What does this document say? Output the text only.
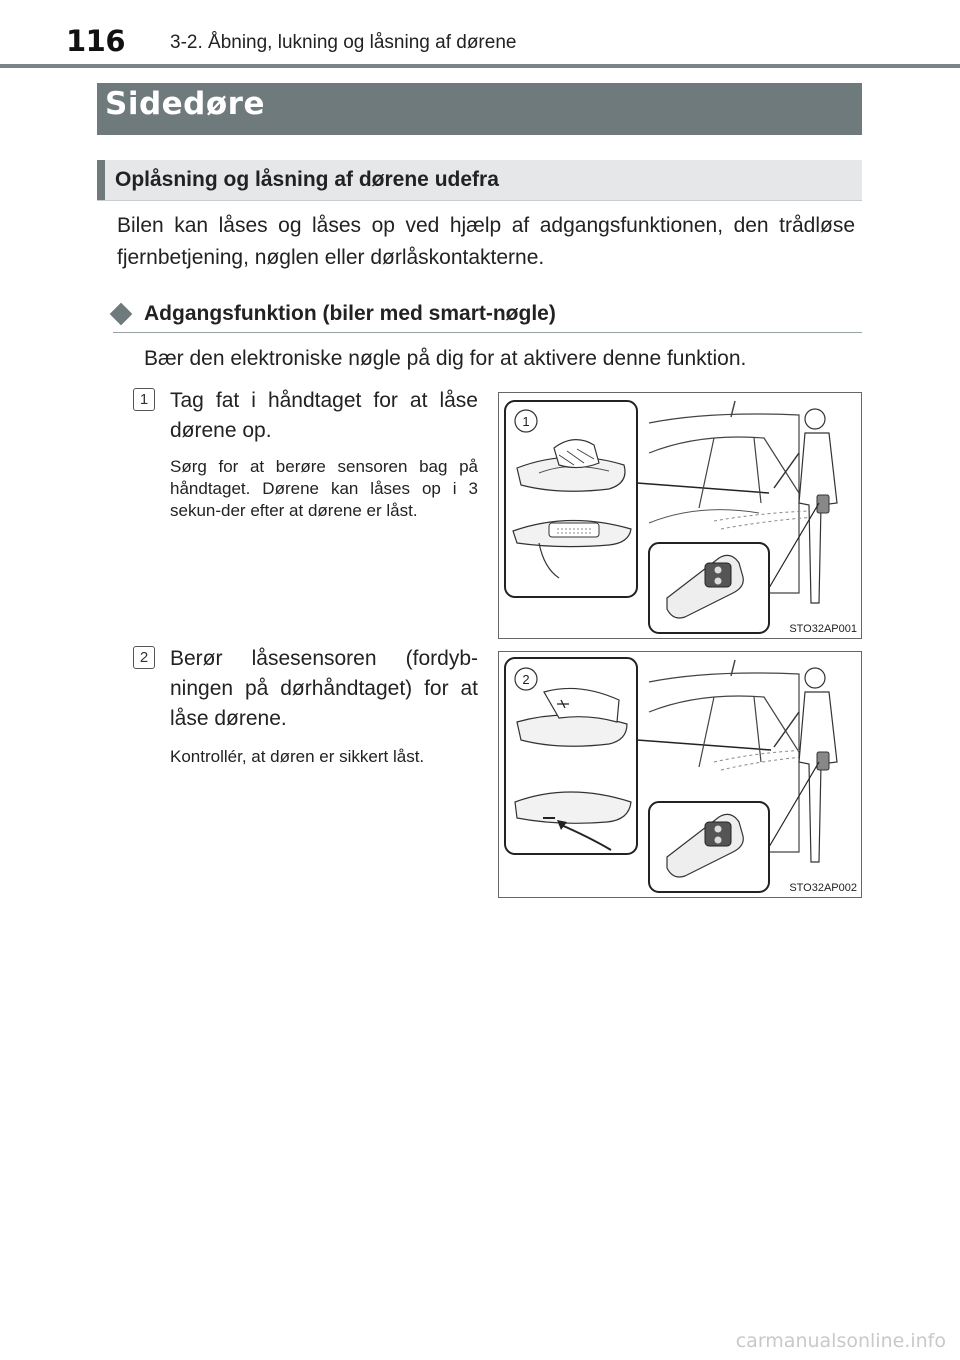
116 3-2. Åbning, lukning og låsning af dørene
Sidedøre
Oplåsning og låsning af dørene udefra
Bilen kan låses og låses op ved hjælp af adgangsfunktionen, den trådløse fjernbetjening, nøglen eller dørlåskontakterne.
Adgangsfunktion (biler med smart-nøgle)
Bær den elektroniske nøgle på dig for at aktivere denne funktion.
1	Tag fat i håndtaget for at låse dørene op.
Sørg for at berøre sensoren bag på håndtaget. Dørene kan låses op i 3 sekun-der efter at dørene er låst.
1
STO32AP001
2	Berør låsesensoren (fordyb-ningen på dørhåndtaget) for at låse dørene.
Kontrollér, at døren er sikkert låst.
2
STO32AP002
carmanualsonline.info
